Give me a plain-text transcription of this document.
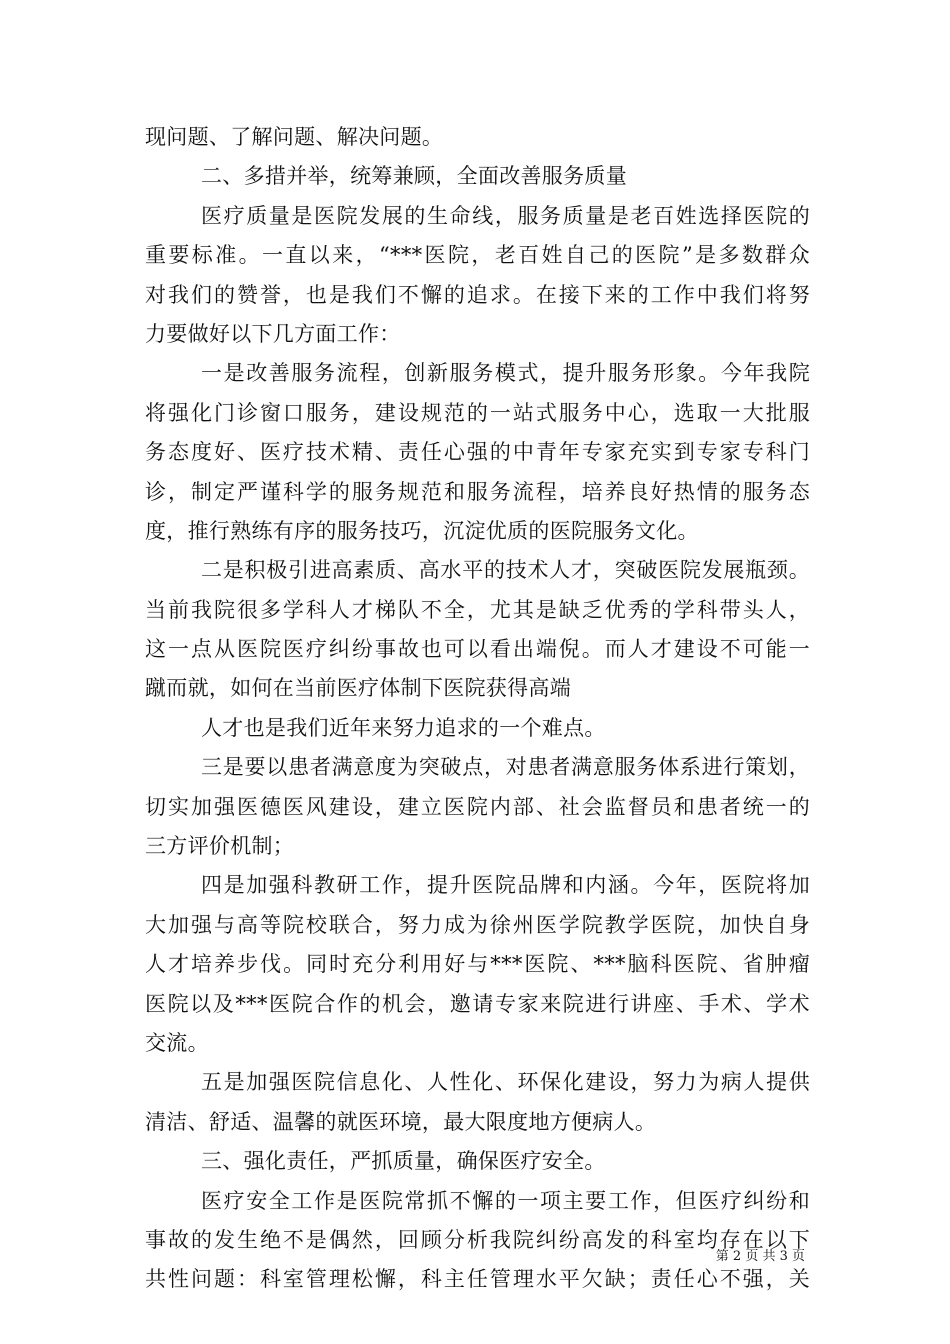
现问题、了解问题、解决问题。
二、多措并举，统筹兼顾，全面改善服务质量
医疗质量是医院发展的生命线，服务质量是老百姓选择医院的
重要标准。一直以来，“***医院，老百姓自己的医院”是多数群众
对我们的赞誉，也是我们不懈的追求。在接下来的工作中我们将努
力要做好以下几方面工作：
一是改善服务流程，创新服务模式，提升服务形象。今年我院
将强化门诊窗口服务，建设规范的一站式服务中心，选取一大批服
务态度好、医疗技术精、责任心强的中青年专家充实到专家专科门
诊，制定严谨科学的服务规范和服务流程，培养良好热情的服务态
度，推行熟练有序的服务技巧，沉淀优质的医院服务文化。
二是积极引进高素质、高水平的技术人才，突破医院发展瓶颈。
当前我院很多学科人才梯队不全，尤其是缺乏优秀的学科带头人，
这一点从医院医疗纠纷事故也可以看出端倪。而人才建设不可能一
蹴而就，如何在当前医疗体制下医院获得高端
人才也是我们近年来努力追求的一个难点。
三是要以患者满意度为突破点，对患者满意服务体系进行策划，
切实加强医德医风建设，建立医院内部、社会监督员和患者统一的
三方评价机制；
四是加强科教研工作，提升医院品牌和内涵。今年，医院将加
大加强与高等院校联合，努力成为徐州医学院教学医院，加快自身
人才培养步伐。同时充分利用好与***医院、***脑科医院、省肿瘤
医院以及***医院合作的机会，邀请专家来院进行讲座、手术、学术
交流。
五是加强医院信息化、人性化、环保化建设，努力为病人提供
清洁、舒适、温馨的就医环境，最大限度地方便病人。
三、强化责任，严抓质量，确保医疗安全。
医疗安全工作是医院常抓不懈的一项主要工作，但医疗纠纷和
事故的发生绝不是偶然，回顾分析我院纠纷高发的科室均存在以下
共性问题：科室管理松懈，科主任管理水平欠缺；责任心不强，关
第 2 页 共 3 页
